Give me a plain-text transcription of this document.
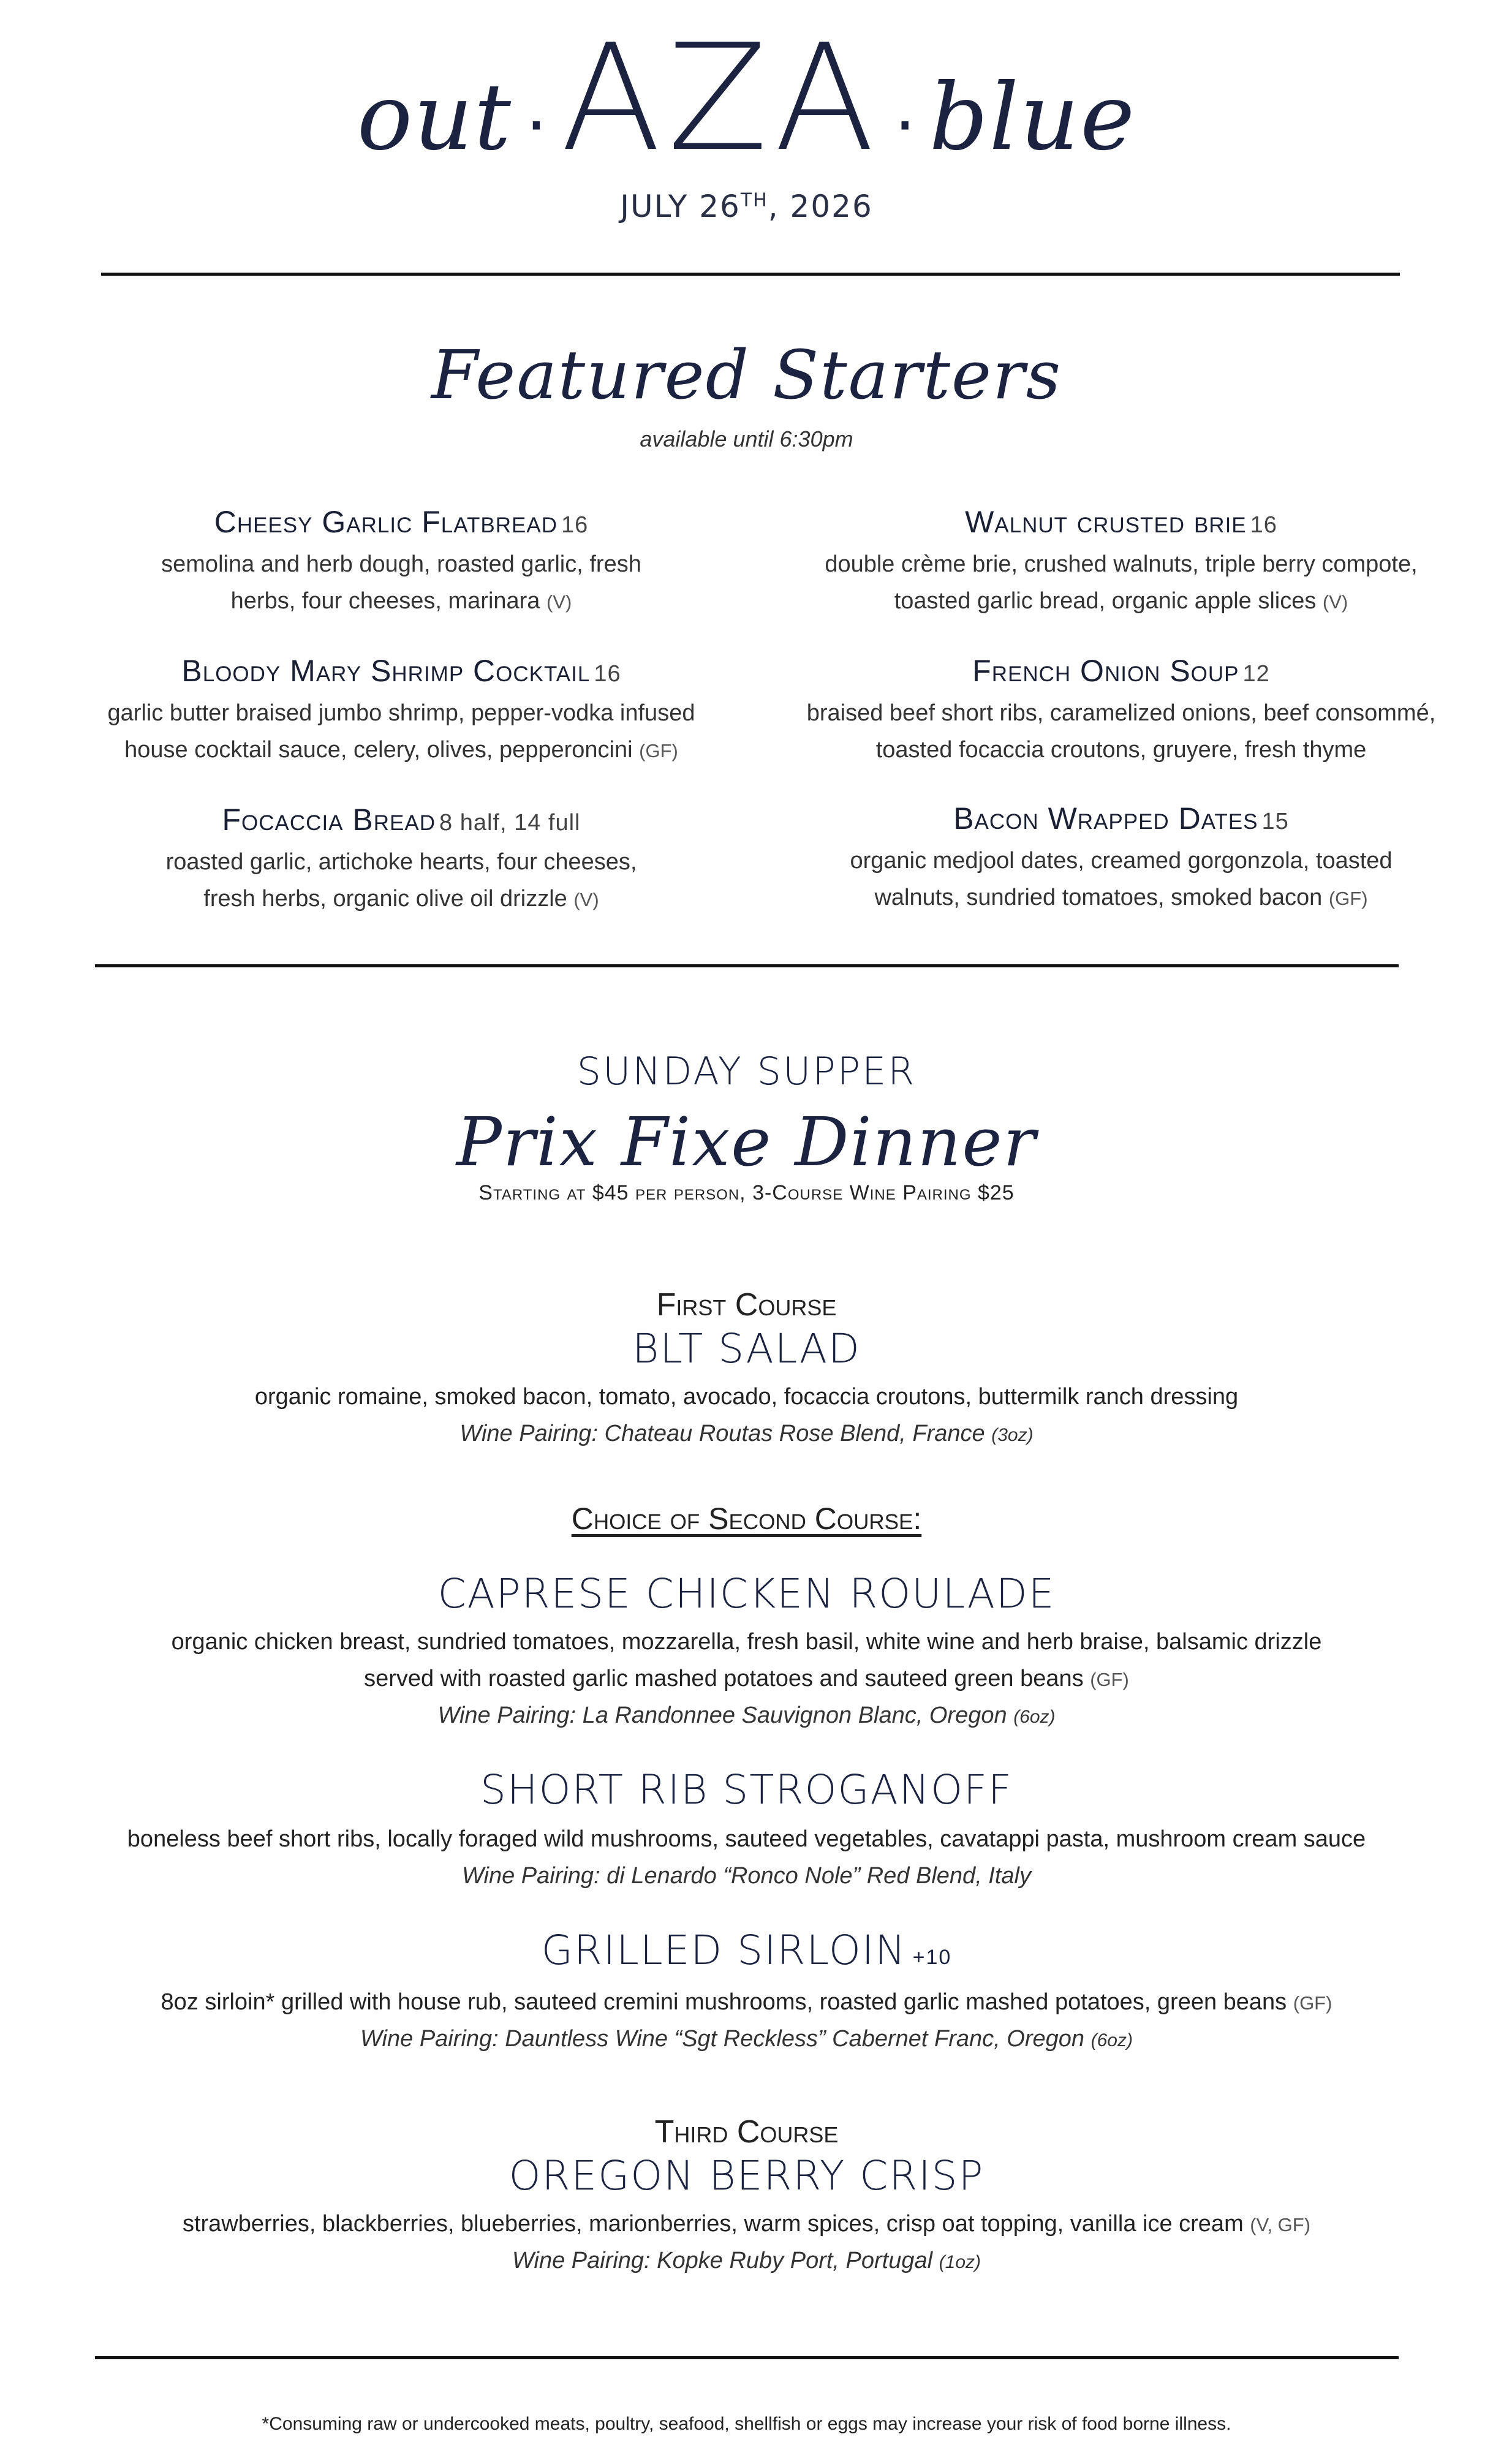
out · AZA · blue
JULY 26TH, 2026
Featured Starters
available until 6:30pm
Cheesy Garlic Flatbread 16
semolina and herb dough, roasted garlic, fresh
herbs, four cheeses, marinara (V)
Bloody Mary Shrimp Cocktail 16
garlic butter braised jumbo shrimp, pepper-vodka infused
house cocktail sauce, celery, olives, pepperoncini (GF)
Focaccia Bread 8 half, 14 full
roasted garlic, artichoke hearts, four cheeses,
fresh herbs, organic olive oil drizzle (V)
Walnut crusted brie 16
double crème brie, crushed walnuts, triple berry compote,
toasted garlic bread, organic apple slices (V)
French Onion Soup 12
braised beef short ribs, caramelized onions, beef consommé,
toasted focaccia croutons, gruyere, fresh thyme
Bacon Wrapped Dates 15
organic medjool dates, creamed gorgonzola, toasted
walnuts, sundried tomatoes, smoked bacon (GF)
SUNDAY SUPPER
Prix Fixe Dinner
Starting at $45 per person, 3-Course Wine Pairing $25
First Course
BLT SALAD
organic romaine, smoked bacon, tomato, avocado, focaccia croutons, buttermilk ranch dressing
Wine Pairing: Chateau Routas Rose Blend, France (3oz)
Choice of Second Course:
CAPRESE CHICKEN ROULADE
organic chicken breast, sundried tomatoes, mozzarella, fresh basil, white wine and herb braise, balsamic drizzle
served with roasted garlic mashed potatoes and sauteed green beans (GF)
Wine Pairing: La Randonnee Sauvignon Blanc, Oregon (6oz)
SHORT RIB STROGANOFF
boneless beef short ribs, locally foraged wild mushrooms, sauteed vegetables, cavatappi pasta, mushroom cream sauce
Wine Pairing: di Lenardo “Ronco Nole” Red Blend, Italy
GRILLED SIRLOIN +10
8oz sirloin* grilled with house rub, sauteed cremini mushrooms, roasted garlic mashed potatoes, green beans (GF)
Wine Pairing: Dauntless Wine “Sgt Reckless” Cabernet Franc, Oregon (6oz)
Third Course
OREGON BERRY CRISP
strawberries, blackberries, blueberries, marionberries, warm spices, crisp oat topping, vanilla ice cream (V, GF)
Wine Pairing: Kopke Ruby Port, Portugal (1oz)
*Consuming raw or undercooked meats, poultry, seafood, shellfish or eggs may increase your risk of food borne illness.
